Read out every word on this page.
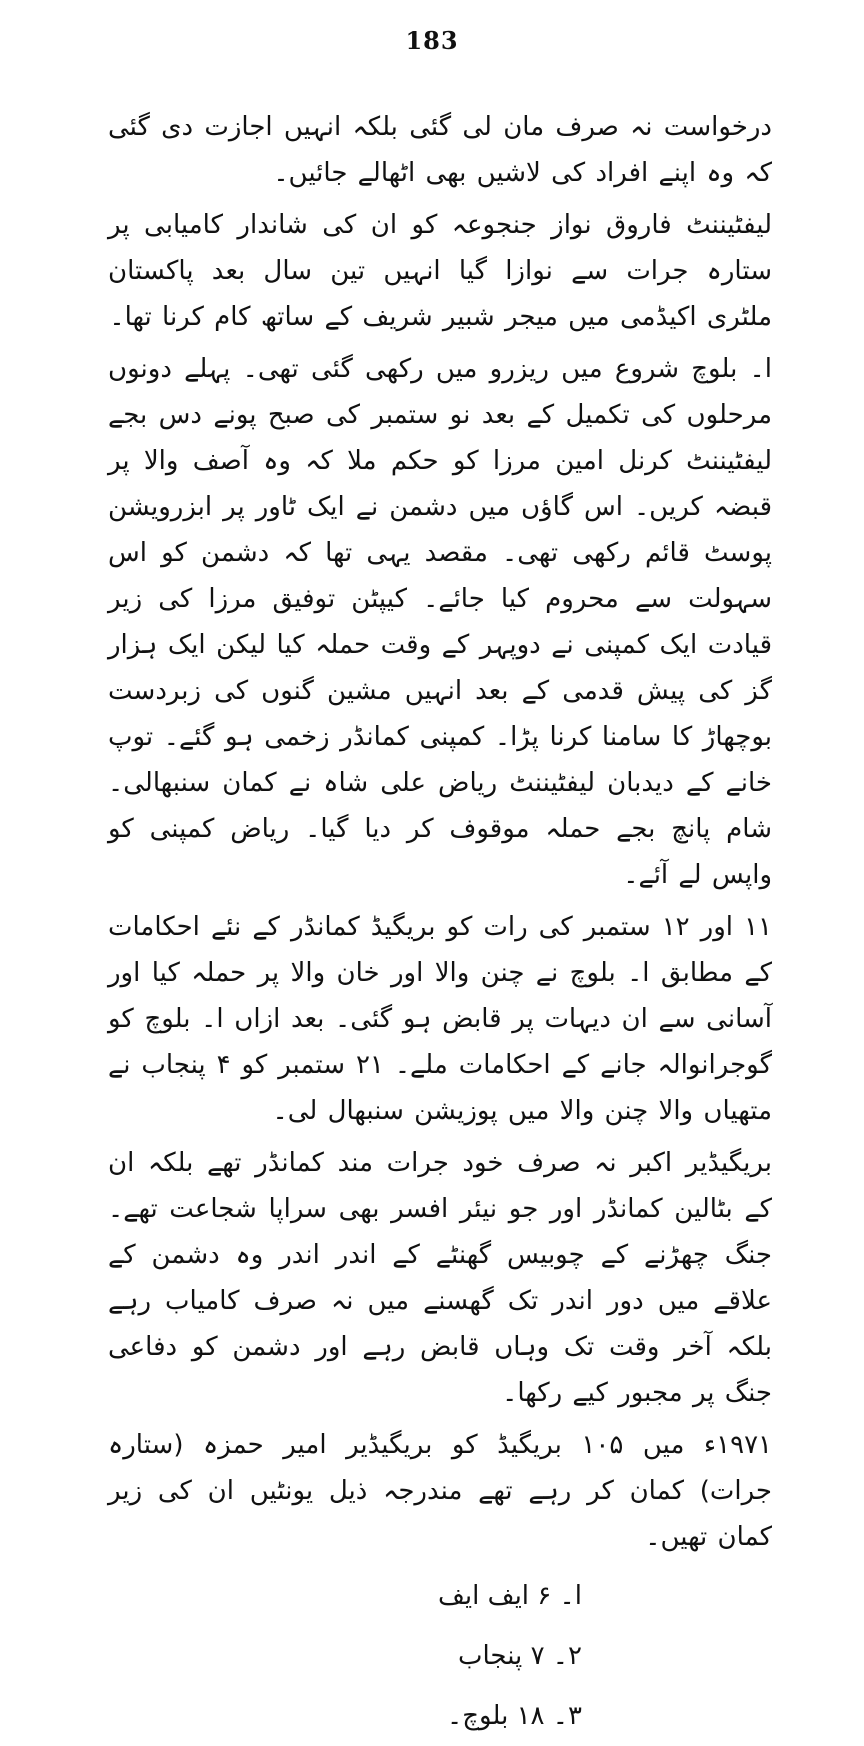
183

درخواست نہ صرف مان لی گئی بلکہ انہیں اجازت دی گئی کہ وہ اپنے افراد کی لاشیں بھی اٹھالے جائیں۔

لیفٹیننٹ فاروق نواز جنجوعہ کو ان کی شاندار کامیابی پر ستارہ جرات سے نوازا گیا انہیں تین سال بعد پاکستان ملٹری اکیڈمی میں میجر شبیر شریف کے ساتھ کام کرنا تھا۔

ا۔ بلوچ شروع میں ریزرو میں رکھی گئی تھی۔ پہلے دونوں مرحلوں کی تکمیل کے بعد نو ستمبر کی صبح پونے دس بجے لیفٹیننٹ کرنل امین مرزا کو حکم ملا کہ وہ آصف والا پر قبضہ کریں۔ اس گاؤں میں دشمن نے ایک ٹاور پر ابزرویشن پوسٹ قائم رکھی تھی۔ مقصد یہی تھا کہ دشمن کو اس سہولت سے محروم کیا جائے۔ کیپٹن توفیق مرزا کی زیر قیادت ایک کمپنی نے دوپہر کے وقت حملہ کیا لیکن ایک ہزار گز کی پیش قدمی کے بعد انہیں مشین گنوں کی زبردست بوچھاڑ کا سامنا کرنا پڑا۔ کمپنی کمانڈر زخمی ہو گئے۔ توپ خانے کے دیدبان لیفٹیننٹ ریاض علی شاہ نے کمان سنبھالی۔ شام پانچ بجے حملہ موقوف کر دیا گیا۔ ریاض کمپنی کو واپس لے آئے۔

۱۱ اور ۱۲ ستمبر کی رات کو بریگیڈ کمانڈر کے نئے احکامات کے مطابق ا۔ بلوچ نے چنن والا اور خان والا پر حملہ کیا اور آسانی سے ان دیہات پر قابض ہو گئی۔ بعد ازاں ا۔ بلوچ کو گوجرانوالہ جانے کے احکامات ملے۔ ۲۱ ستمبر کو ۴ پنجاب نے متھیاں والا چنن والا میں پوزیشن سنبھال لی۔

بریگیڈیر اکبر نہ صرف خود جرات مند کمانڈر تھے بلکہ ان کے بٹالین کمانڈر اور جو نیئر افسر بھی سراپا شجاعت تھے۔ جنگ چھڑنے کے چوبیس گھنٹے کے اندر اندر وہ دشمن کے علاقے میں دور اندر تک گھسنے میں نہ صرف کامیاب رہے بلکہ آخر وقت تک وہاں قابض رہے اور دشمن کو دفاعی جنگ پر مجبور کیے رکھا۔

۱۹۷۱ء میں ۱۰۵ بریگیڈ کو بریگیڈیر امیر حمزہ (ستارہ جرات) کمان کر رہے تھے مندرجہ ذیل یونٹیں ان کی زیر کمان تھیں۔

ا۔ ۶ ایف ایف
۲۔ ۷ پنجاب
۳۔ ۱۸ بلوچ۔
